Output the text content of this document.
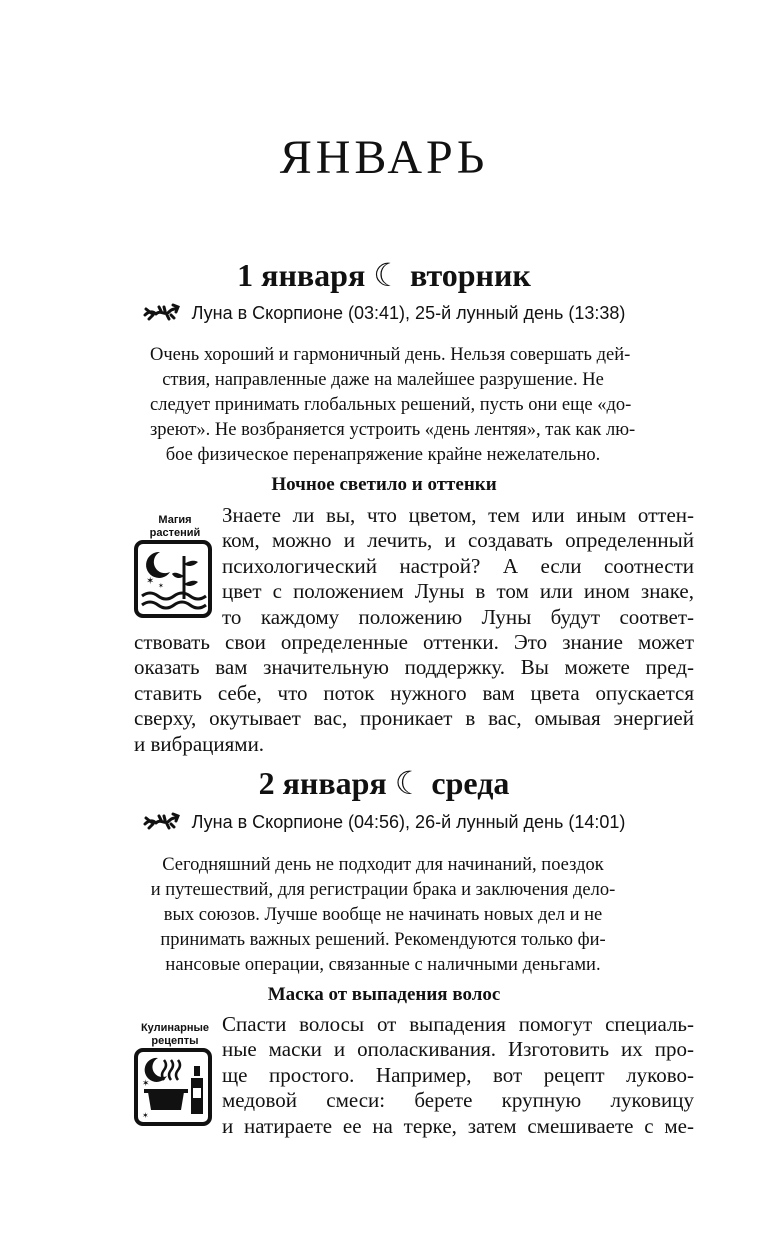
ЯНВАРЬ
1 января ☾ вторник
Луна в Скорпионе (03:41), 25-й лунный день (13:38)

Очень хороший и гармоничный день. Нельзя совершать дей-
ствия, направленные даже на малейшее разрушение. Не
следует принимать глобальных решений, пусть они еще «до-
зреют». Не возбраняется устроить «день лентяя», так как лю-
бое физическое перенапряжение крайне нежелательно.

Ночное светило и оттенки
Магия
растений
✶ ✶

Знаете ли вы, что цветом, тем или иным оттен-
ком, можно и лечить, и создавать определенный
психологический настрой? А если соотнести
цвет с положением Луны в том или ином знаке,
то каждому положению Луны будут соответ-
ствовать свои определенные оттенки. Это знание может
оказать вам значительную поддержку. Вы можете пред-
ставить себе, что поток нужного вам цвета опускается
сверху, окутывает вас, проникает в вас, омывая энергией
и вибрациями.

2 января ☾ среда
Луна в Скорпионе (04:56), 26-й лунный день (14:01)

Сегодняшний день не подходит для начинаний, поездок
и путешествий, для регистрации брака и заключения дело-
вых союзов. Лучше вообще не начинать новых дел и не
принимать важных решений. Рекомендуются только фи-
нансовые операции, связанные с наличными деньгами.

Маска от выпадения волос
Кулинарные
рецепты
✶
✶

Спасти волосы от выпадения помогут специаль-
ные маски и ополаскивания. Изготовить их про-
ще простого. Например, вот рецепт луково-
медовой смеси: берете крупную луковицу
и натираете ее на терке, затем смешиваете с ме-
